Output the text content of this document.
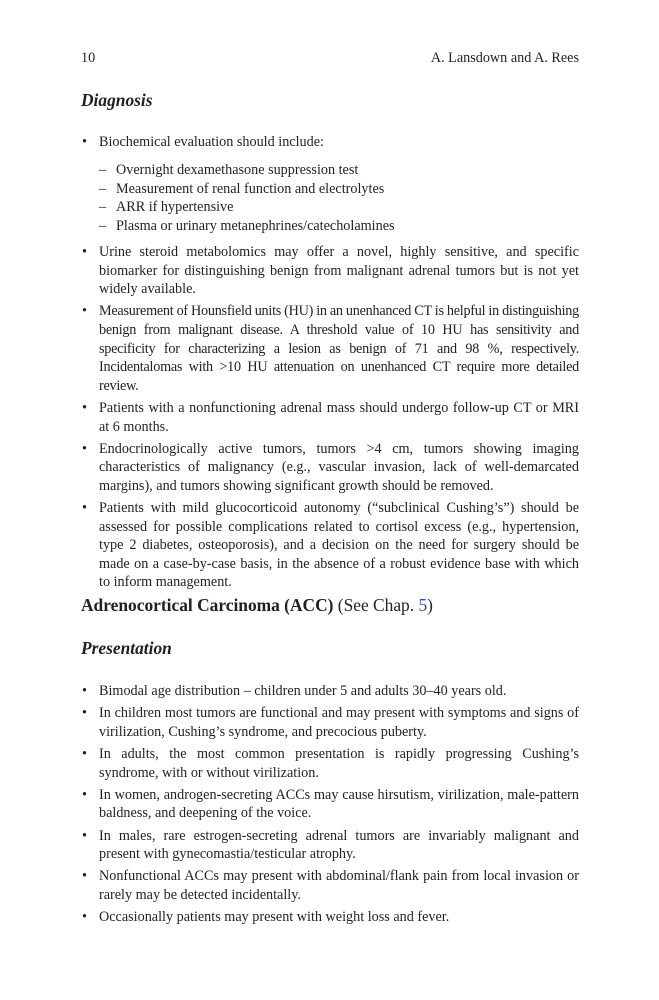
10	A. Lansdown and A. Rees
Diagnosis
• Biochemical evaluation should include:
– Overnight dexamethasone suppression test
– Measurement of renal function and electrolytes
– ARR if hypertensive
– Plasma or urinary metanephrines/catecholamines
• Urine steroid metabolomics may offer a novel, highly sensitive, and specific biomarker for distinguishing benign from malignant adrenal tumors but is not yet widely available.
• Measurement of Hounsfield units (HU) in an unenhanced CT is helpful in distinguishing benign from malignant disease. A threshold value of 10 HU has sensitivity and specificity for characterizing a lesion as benign of 71 and 98 %, respectively. Incidentalomas with >10 HU attenuation on unenhanced CT require more detailed review.
• Patients with a nonfunctioning adrenal mass should undergo follow-up CT or MRI at 6 months.
• Endocrinologically active tumors, tumors >4 cm, tumors showing imaging characteristics of malignancy (e.g., vascular invasion, lack of well-demarcated margins), and tumors showing significant growth should be removed.
• Patients with mild glucocorticoid autonomy (“subclinical Cushing’s”) should be assessed for possible complications related to cortisol excess (e.g., hypertension, type 2 diabetes, osteoporosis), and a decision on the need for surgery should be made on a case-by-case basis, in the absence of a robust evidence base with which to inform management.
Adrenocortical Carcinoma (ACC) (See Chap. 5)
Presentation
• Bimodal age distribution – children under 5 and adults 30–40 years old.
• In children most tumors are functional and may present with symptoms and signs of virilization, Cushing’s syndrome, and precocious puberty.
• In adults, the most common presentation is rapidly progressing Cushing’s syndrome, with or without virilization.
• In women, androgen-secreting ACCs may cause hirsutism, virilization, male-pattern baldness, and deepening of the voice.
• In males, rare estrogen-secreting adrenal tumors are invariably malignant and present with gynecomastia/testicular atrophy.
• Nonfunctional ACCs may present with abdominal/flank pain from local invasion or rarely may be detected incidentally.
• Occasionally patients may present with weight loss and fever.
